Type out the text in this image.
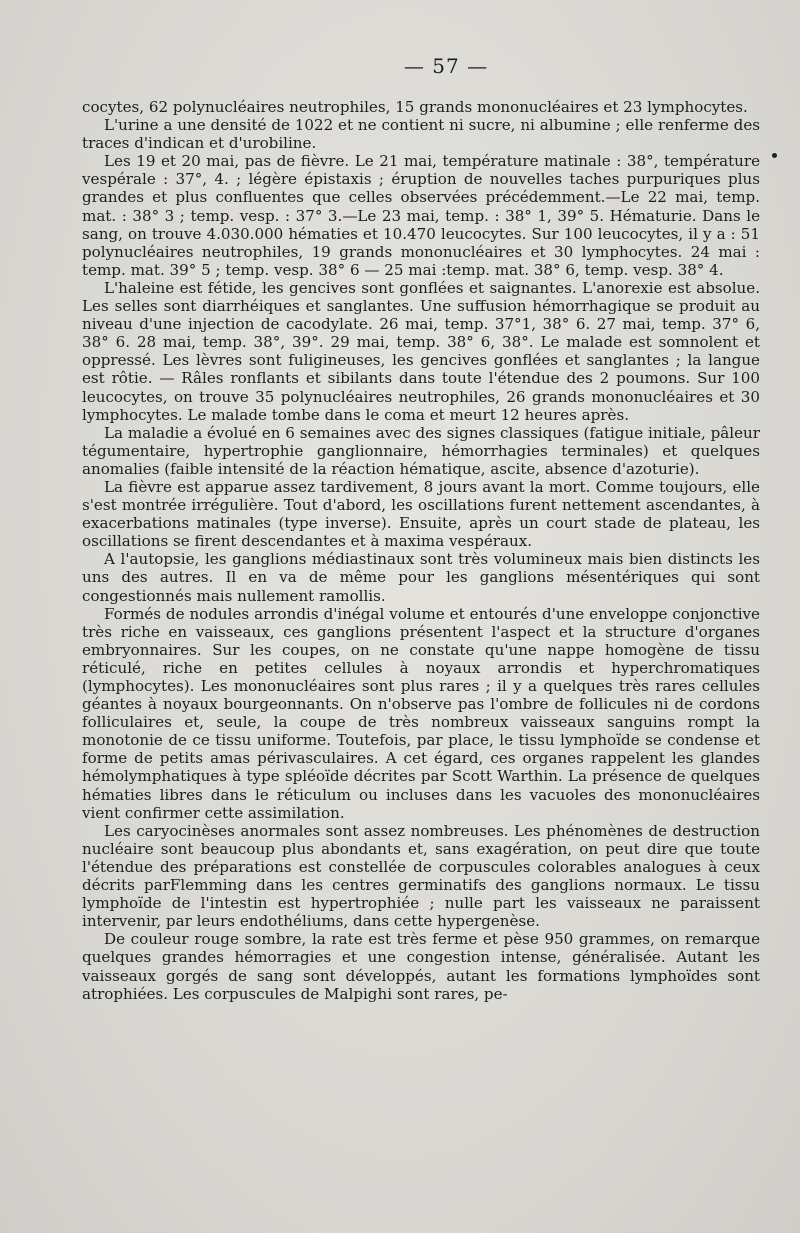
— 57 —

cocytes, 62 polynucléaires neutrophiles, 15 grands mononucléaires et 23 lymphocytes.

L'urine a une densité de 1022 et ne contient ni sucre, ni albumine ; elle renferme des traces d'indican et d'urobiline.

Les 19 et 20 mai, pas de fièvre. Le 21 mai, température matinale : 38°, température vespérale : 37°, 4. ; légère épistaxis ; éruption de nouvelles taches purpuriques plus grandes et plus confluentes que celles observées précédemment.—Le 22 mai, temp. mat. : 38° 3 ; temp. vesp. : 37° 3.—Le 23 mai, temp. : 38° 1, 39° 5. Hématurie. Dans le sang, on trouve 4.030.000 hématies et 10.470 leucocytes. Sur 100 leucocytes, il y a : 51 polynucléaires neutrophiles, 19 grands mononucléaires et 30 lymphocytes. 24 mai : temp. mat. 39° 5 ; temp. vesp. 38° 6 — 25 mai :temp. mat. 38° 6, temp. vesp. 38° 4.

L'haleine est fétide, les gencives sont gonflées et saignantes. L'anorexie est absolue. Les selles sont diarrhéiques et sanglantes. Une suffusion hémorrhagique se produit au niveau d'une injection de cacodylate. 26 mai, temp. 37°1, 38° 6. 27 mai, temp. 37° 6, 38° 6. 28 mai, temp. 38°, 39°. 29 mai, temp. 38° 6, 38°. Le malade est somnolent et oppressé. Les lèvres sont fuligineuses, les gencives gonflées et sanglantes ; la langue est rôtie. — Râles ronflants et sibilants dans toute l'étendue des 2 poumons. Sur 100 leucocytes, on trouve 35 polynucléaires neutrophiles, 26 grands mononucléaires et 30 lymphocytes. Le malade tombe dans le coma et meurt 12 heures après.

La maladie a évolué en 6 semaines avec des signes classiques (fatigue initiale, pâleur tégumentaire, hypertrophie ganglionnaire, hémorrhagies terminales) et quelques anomalies (faible intensité de la réaction hématique, ascite, absence d'azoturie).

La fièvre est apparue assez tardivement, 8 jours avant la mort. Comme toujours, elle s'est montrée irrégulière. Tout d'abord, les oscillations furent nettement ascendantes, à exacerbations matinales (type inverse). Ensuite, après un court stade de plateau, les oscillations se firent descendantes et à maxima vespéraux.

A l'autopsie, les ganglions médiastinaux sont très volumineux mais bien distincts les uns des autres. Il en va de même pour les ganglions mésentériques qui sont congestionnés mais nullement ramollis.

Formés de nodules arrondis d'inégal volume et entourés d'une enveloppe conjonctive très riche en vaisseaux, ces ganglions présentent l'aspect et la structure d'organes embryonnaires. Sur les coupes, on ne constate qu'une nappe homogène de tissu réticulé, riche en petites cellules à noyaux arrondis et hyperchromatiques (lymphocytes). Les mononucléaires sont plus rares ; il y a quelques très rares cellules géantes à noyaux bourgeonnants. On n'observe pas l'ombre de follicules ni de cordons folliculaires et, seule, la coupe de très nombreux vaisseaux sanguins rompt la monotonie de ce tissu uniforme. Toutefois, par place, le tissu lymphoïde se condense et forme de petits amas périvasculaires. A cet égard, ces organes rappelent les glandes hémolymphatiques à type spléoïde décrites par Scott Warthin. La présence de quelques hématies libres dans le réticulum ou incluses dans les vacuoles des mononucléaires vient confirmer cette assimilation.

Les caryocinèses anormales sont assez nombreuses. Les phénomènes de destruction nucléaire sont beaucoup plus abondants et, sans exagération, on peut dire que toute l'étendue des préparations est constellée de corpuscules colorables analogues à ceux décrits parFlemming dans les centres germinatifs des ganglions normaux. Le tissu lymphoïde de l'intestin est hypertrophiée ; nulle part les vaisseaux ne paraissent intervenir, par leurs endothéliums, dans cette hypergenèse.

De couleur rouge sombre, la rate est très ferme et pèse 950 grammes, on remarque quelques grandes hémorragies et une congestion intense, généralisée. Autant les vaisseaux gorgés de sang sont développés, autant les formations lymphoïdes sont atrophiées. Les corpuscules de Malpighi sont rares, pe-
